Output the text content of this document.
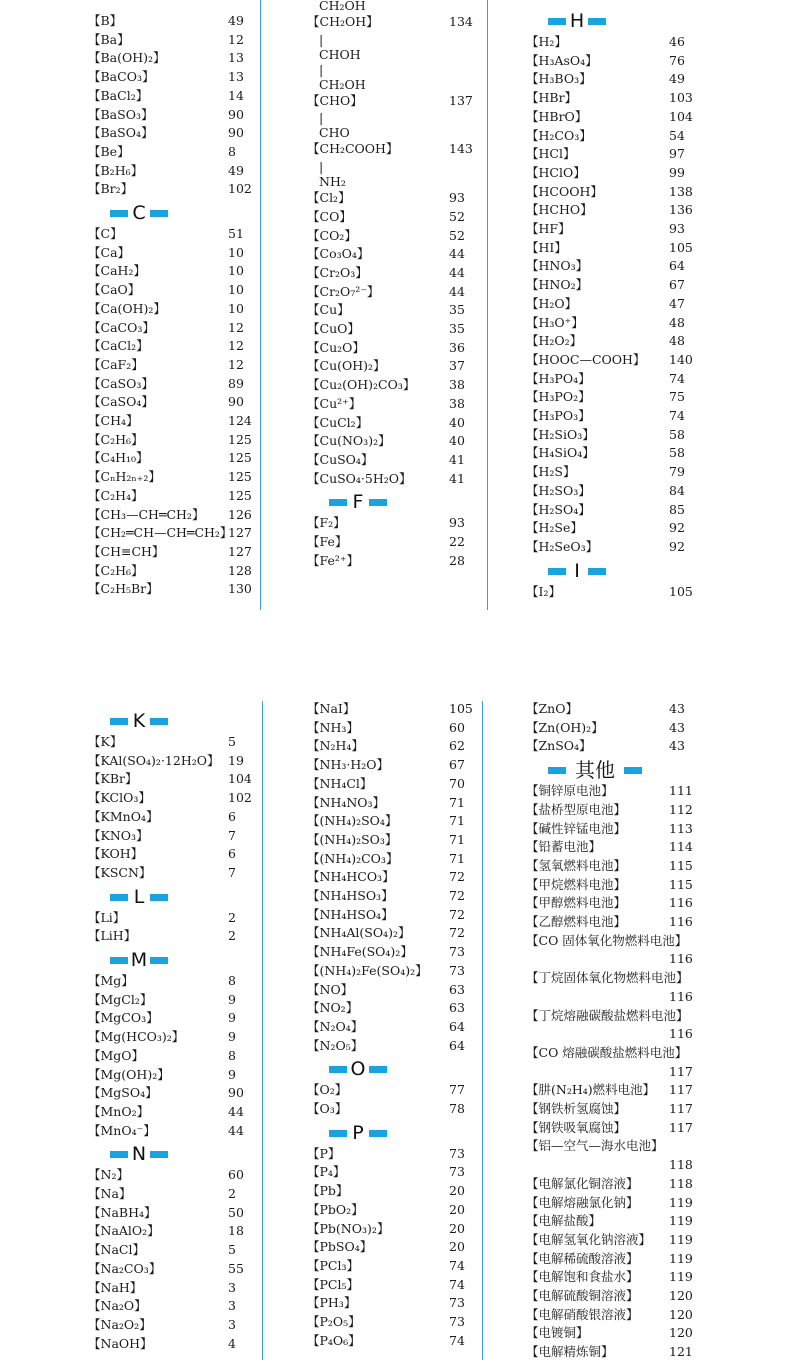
【B】	49
【Ba】	12
【Ba(OH)₂】	13
【BaCO₃】	13
【BaCl₂】	14
【BaSO₃】	90
【BaSO₄】	90
【Be】	8
【B₂H₆】	49
【Br₂】	102
C
【C】	51
【Ca】	10
【CaH₂】	10
【CaO】	10
【Ca(OH)₂】	10
【CaCO₃】	12
【CaCl₂】	12
【CaF₂】	12
【CaSO₃】	89
【CaSO₄】	90
【CH₄】	124
【C₂H₆】	125
【C₄H₁₀】	125
【CₙH₂ₙ₊₂】	125
【C₂H₄】	125
【CH₃—CH═CH₂】 126
【CH₂═CH—CH═CH₂】
127
【CH≡CH】	127
【C₂H₆】	128
【C₂H₅Br】	130
CH₂OH
【CH₂OH】	134
|
CHOH
|
CH₂OH
【CHO】	137
|
CHO
【CH₂COOH】	143
|
NH₂
【Cl₂】	93
【CO】	52
【CO₂】	52
【Co₃O₄】	44
【Cr₂O₃】	44
【Cr₂O₇²⁻】	44
【Cu】	35
【CuO】	35
【Cu₂O】	36
【Cu(OH)₂】	37
【Cu₂(OH)₂CO₃】	38
【Cu²⁺】	38
【CuCl₂】	40
【Cu(NO₃)₂】	40
【CuSO₄】	41
【CuSO₄·5H₂O】	41
F
【F₂】	93
【Fe】	22
【Fe²⁺】	28
H
【H₂】	46
【H₃AsO₄】	76
【H₃BO₃】	49
【HBr】	103
【HBrO】	104
【H₂CO₃】	54
【HCl】	97
【HClO】	99
【HCOOH】	138
【HCHO】	136
【HF】	93
【HI】	105
【HNO₃】	64
【HNO₂】	67
【H₂O】	47
【H₃O⁺】	48
【H₂O₂】	48
【HOOC—COOH】 140
【H₃PO₄】	74
【H₃PO₂】	75
【H₃PO₃】	74
【H₂SiO₃】	58
【H₄SiO₄】	58
【H₂S】	79
【H₂SO₃】	84
【H₂SO₄】	85
【H₂Se】	92
【H₂SeO₃】	92
I
【I₂】	105
K
【K】	5
【KAl(SO₄)₂·12H₂O】 19
【KBr】	104
【KClO₃】	102
【KMnO₄】	6
【KNO₃】	7
【KOH】	6
【KSCN】	7
L
【Li】	2
【LiH】	2
M
【Mg】	8
【MgCl₂】	9
【MgCO₃】	9
【Mg(HCO₃)₂】	9
【MgO】	8
【Mg(OH)₂】	9
【MgSO₄】	90
【MnO₂】	44
【MnO₄⁻】	44
N
【N₂】	60
【Na】	2
【NaBH₄】	50
【NaAlO₂】	18
【NaCl】	5
【Na₂CO₃】	55
【NaH】	3
【Na₂O】	3
【Na₂O₂】	3
【NaOH】	4
【NaI】	105
【NH₃】	60
【N₂H₄】	62
【NH₃·H₂O】	67
【NH₄Cl】	70
【NH₄NO₃】	71
【(NH₄)₂SO₄】	71
【(NH₄)₂SO₃】	71
【(NH₄)₂CO₃】	71
【NH₄HCO₃】	72
【NH₄HSO₃】	72
【NH₄HSO₄】	72
【NH₄Al(SO₄)₂】	72
【NH₄Fe(SO₄)₂】	73
【(NH₄)₂Fe(SO₄)₂】 73
【NO】	63
【NO₂】	63
【N₂O₄】	64
【N₂O₅】	64
O
【O₂】	77
【O₃】	78
P
【P】	73
【P₄】	73
【Pb】	20
【PbO₂】	20
【Pb(NO₃)₂】	20
【PbSO₄】	20
【PCl₃】	74
【PCl₅】	74
【PH₃】	73
【P₂O₅】	73
【P₄O₆】	74
【ZnO】	43
【Zn(OH)₂】	43
【ZnSO₄】	43
其他
【铜锌原电池】	111
【盐桥型原电池】	112
【碱性锌锰电池】	113
【铅蓄电池】	114
【氢氧燃料电池】	115
【甲烷燃料电池】	115
【甲醇燃料电池】	116
【乙醇燃料电池】	116
【CO 固体氧化物燃料电池】
116
【丁烷固体氧化物燃料电池】
116
【丁烷熔融碳酸盐燃料电池】
116
【CO 熔融碳酸盐燃料电池】
117
【肼(N₂H₄)燃料电池】 117
【钢铁析氢腐蚀】	117
【钢铁吸氧腐蚀】	117
【铝—空气—海水电池】
118
【电解氯化铜溶液】 118
【电解熔融氯化钠】 119
【电解盐酸】	119
【电解氢氧化钠溶液】 119
【电解稀硫酸溶液】 119
【电解饱和食盐水】 119
【电解硫酸铜溶液】 120
【电解硝酸银溶液】 120
【电镀铜】	120
【电解精炼铜】	121
